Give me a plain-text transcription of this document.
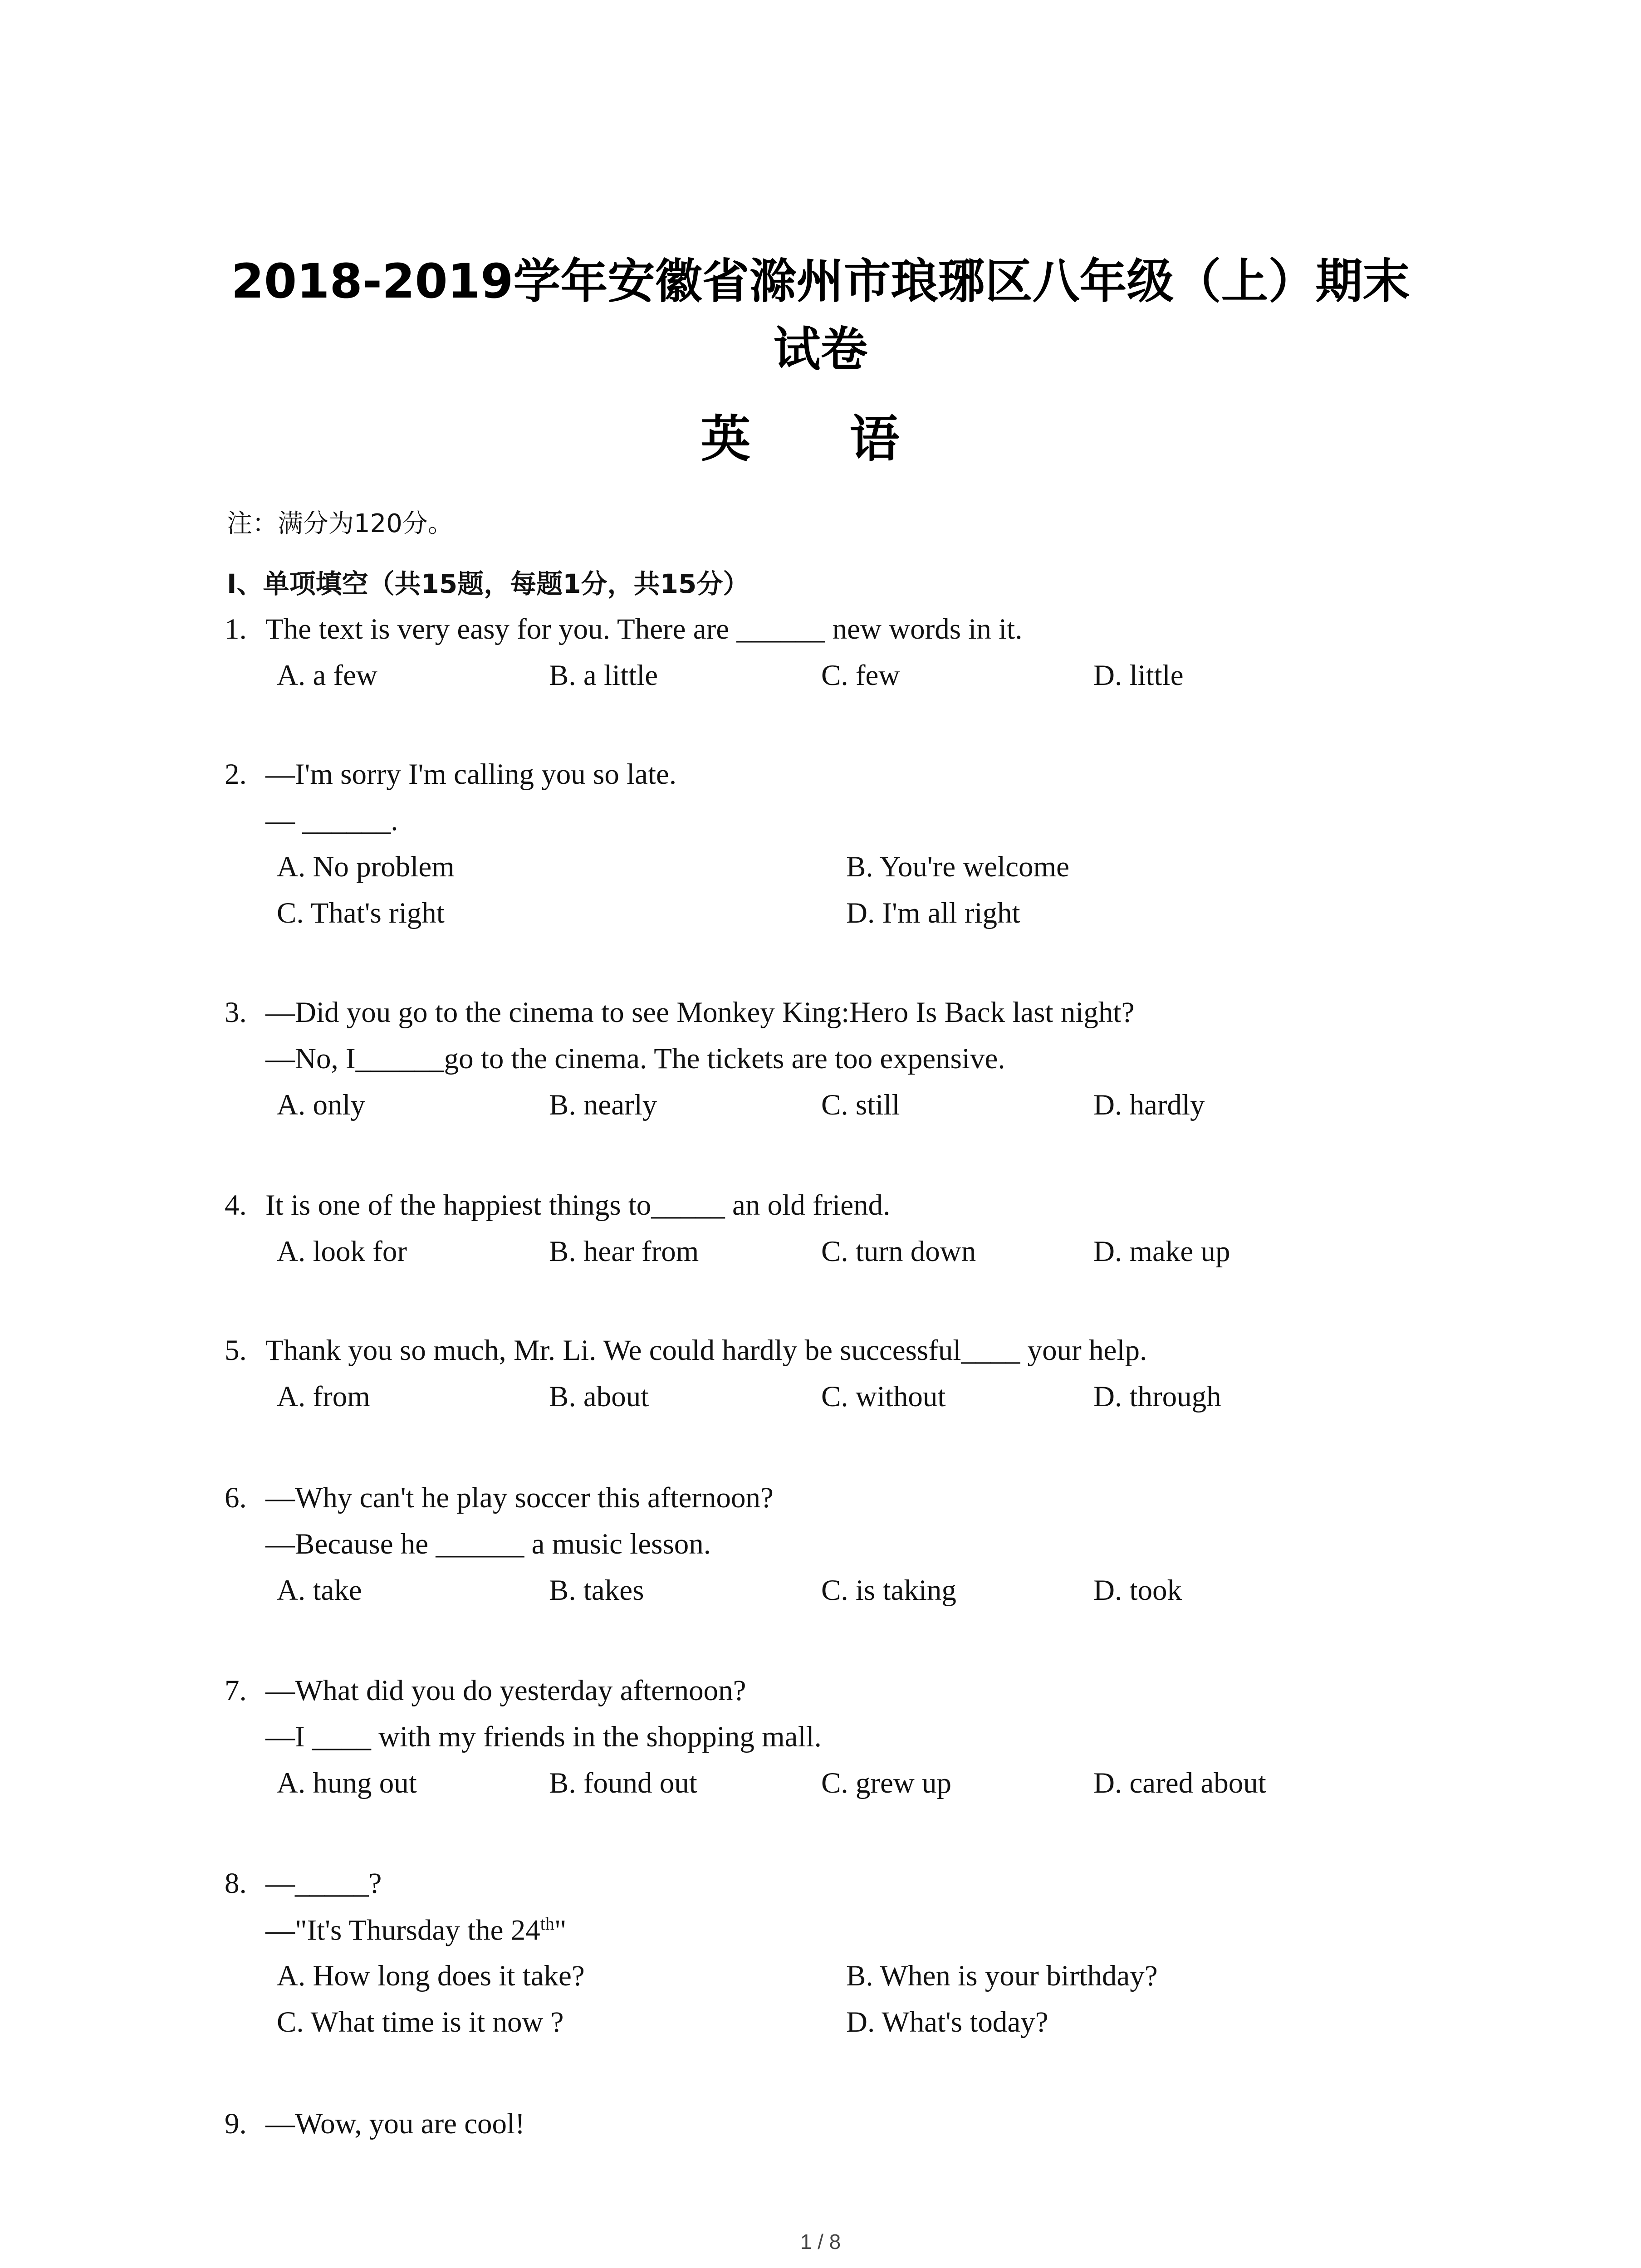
2018-2019学年安徽省滁州市琅琊区八年级（上）期末
试卷
英 语
注：满分为120分。
Ⅰ、单项填空（共15题，每题1分，共15分）
1. The text is very easy for you. There are ______ new words in it.
A. a few	B. a little	C. few	D. little
2. —I'm sorry I'm calling you so late.
— ______.
A. No problem	B. You're welcome
C. That's right	D. I'm all right
3. —Did you go to the cinema to see Monkey King:Hero Is Back last night?
—No, I______go to the cinema. The tickets are too expensive.
A. only	B. nearly	C. still	D. hardly
4. It is one of the happiest things to_____ an old friend.
A. look for	B. hear from	C. turn down	D. make up
5. Thank you so much, Mr. Li. We could hardly be successful____ your help.
A. from	B. about	C. without	D. through
6. —Why can't he play soccer this afternoon?
—Because he ______ a music lesson.
A. take	B. takes	C. is taking	D. took
7. —What did you do yesterday afternoon?
—I ____ with my friends in the shopping mall.
A. hung out	B. found out	C. grew up	D. cared about
8. —_____?
—"It's Thursday the 24th"
A. How long does it take?	B. When is your birthday?
C. What time is it now ?	D. What's today?
9. —Wow, you are cool!
1 / 8
